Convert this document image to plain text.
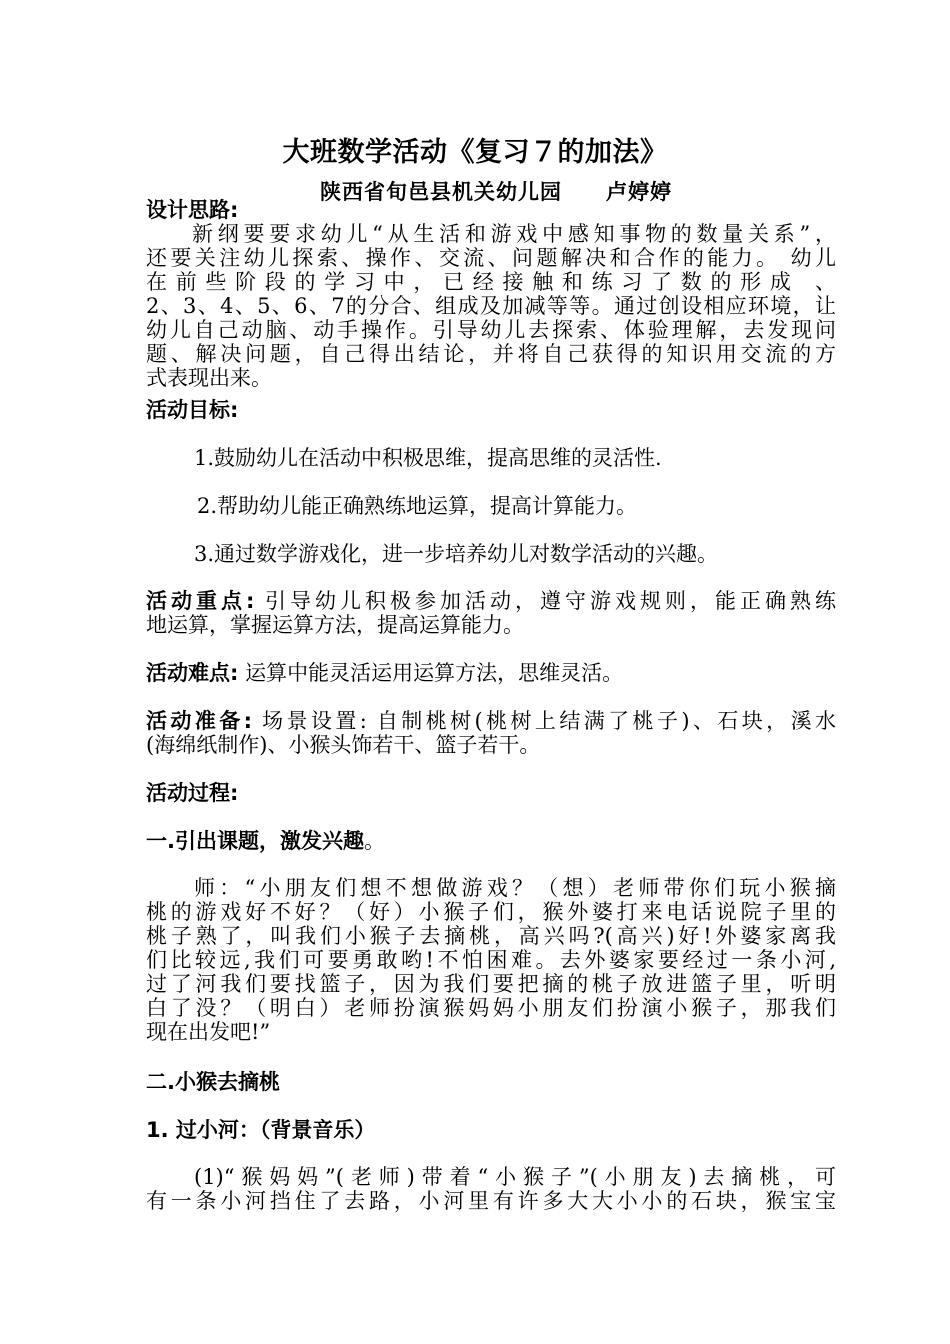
大班数学活动《复习７的加法》
陕西省旬邑县机关幼儿园　　卢婷婷
设计思路:
新纲要要求幼儿“从生活和游戏中感知事物的数量关系”，
还要关注幼儿探索、操作、交流、问题解决和合作的能力。 幼儿
在前些阶段的学习中，已经接触和练习了数的形成 、
2、3、4、5、6、7的分合、组成及加减等等。通过创设相应环境，让
幼儿自己动脑、动手操作。引导幼儿去探索、体验理解，去发现问
题、解决问题，自己得出结论，并将自己获得的知识用交流的方
式表现出来。
活动目标:
1.鼓励幼儿在活动中积极思维，提高思维的灵活性.
2.帮助幼儿能正确熟练地运算，提高计算能力。
3.通过数学游戏化，进一步培养幼儿对数学活动的兴趣。
活动重点: 引导幼儿积极参加活动，遵守游戏规则，能正确熟练
地运算，掌握运算方法，提高运算能力。
活动难点: 运算中能灵活运用运算方法，思维灵活。
活动准备: 场景设置: 自制桃树(桃树上结满了桃子)、石块，溪水
(海绵纸制作)、小猴头饰若干、篮子若干。
活动过程:
一.引出课题，激发兴趣。
师：“小朋友们想不想做游戏？（想）老师带你们玩小猴摘
桃的游戏好不好？（好）小猴子们，猴外婆打来电话说院子里的
桃子熟了，叫我们小猴子去摘桃，高兴吗?(高兴)好!外婆家离我
们比较远,我们可要勇敢哟!不怕困难。去外婆家要经过一条小河,
过了河我们要找篮子，因为我们要把摘的桃子放进篮子里，听明
白了没？（明白）老师扮演猴妈妈小朋友们扮演小猴子，那我们
现在出发吧!”
二.小猴去摘桃
1. 过小河：（背景音乐）
(1)“猴妈妈”(老师)带着“小猴子”(小朋友)去摘桃，可
有一条小河挡住了去路，小河里有许多大大小小的石块，猴宝宝
